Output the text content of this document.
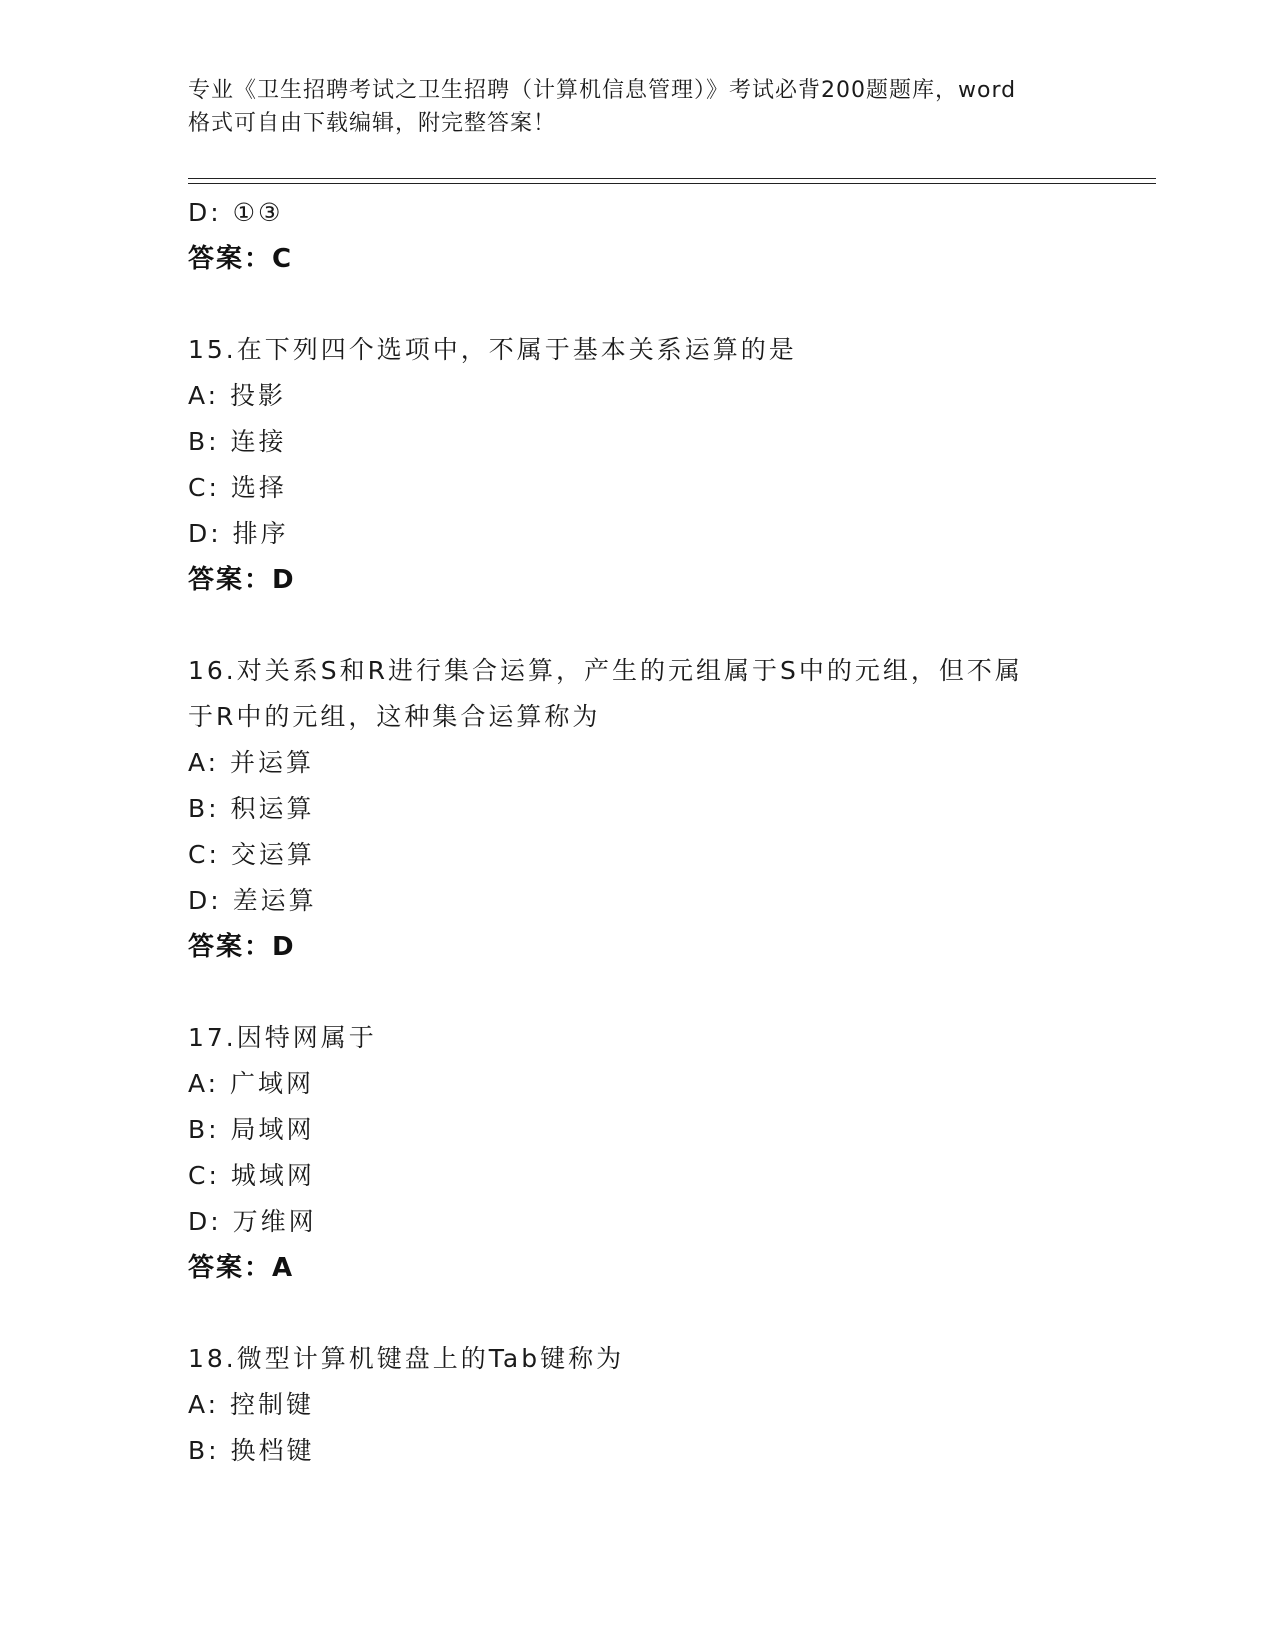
专业《卫生招聘考试之卫生招聘（计算机信息管理）》考试必背200题题库，word
格式可自由下载编辑，附完整答案！
D: ①③
答案：C
15.在下列四个选项中，不属于基本关系运算的是
A: 投影
B: 连接
C: 选择
D: 排序
答案：D
16.对关系S和R进行集合运算，产生的元组属于S中的元组，但不属
于R中的元组，这种集合运算称为
A: 并运算
B: 积运算
C: 交运算
D: 差运算
答案：D
17.因特网属于
A: 广域网
B: 局域网
C: 城域网
D: 万维网
答案：A
18.微型计算机键盘上的Tab键称为
A: 控制键
B: 换档键
